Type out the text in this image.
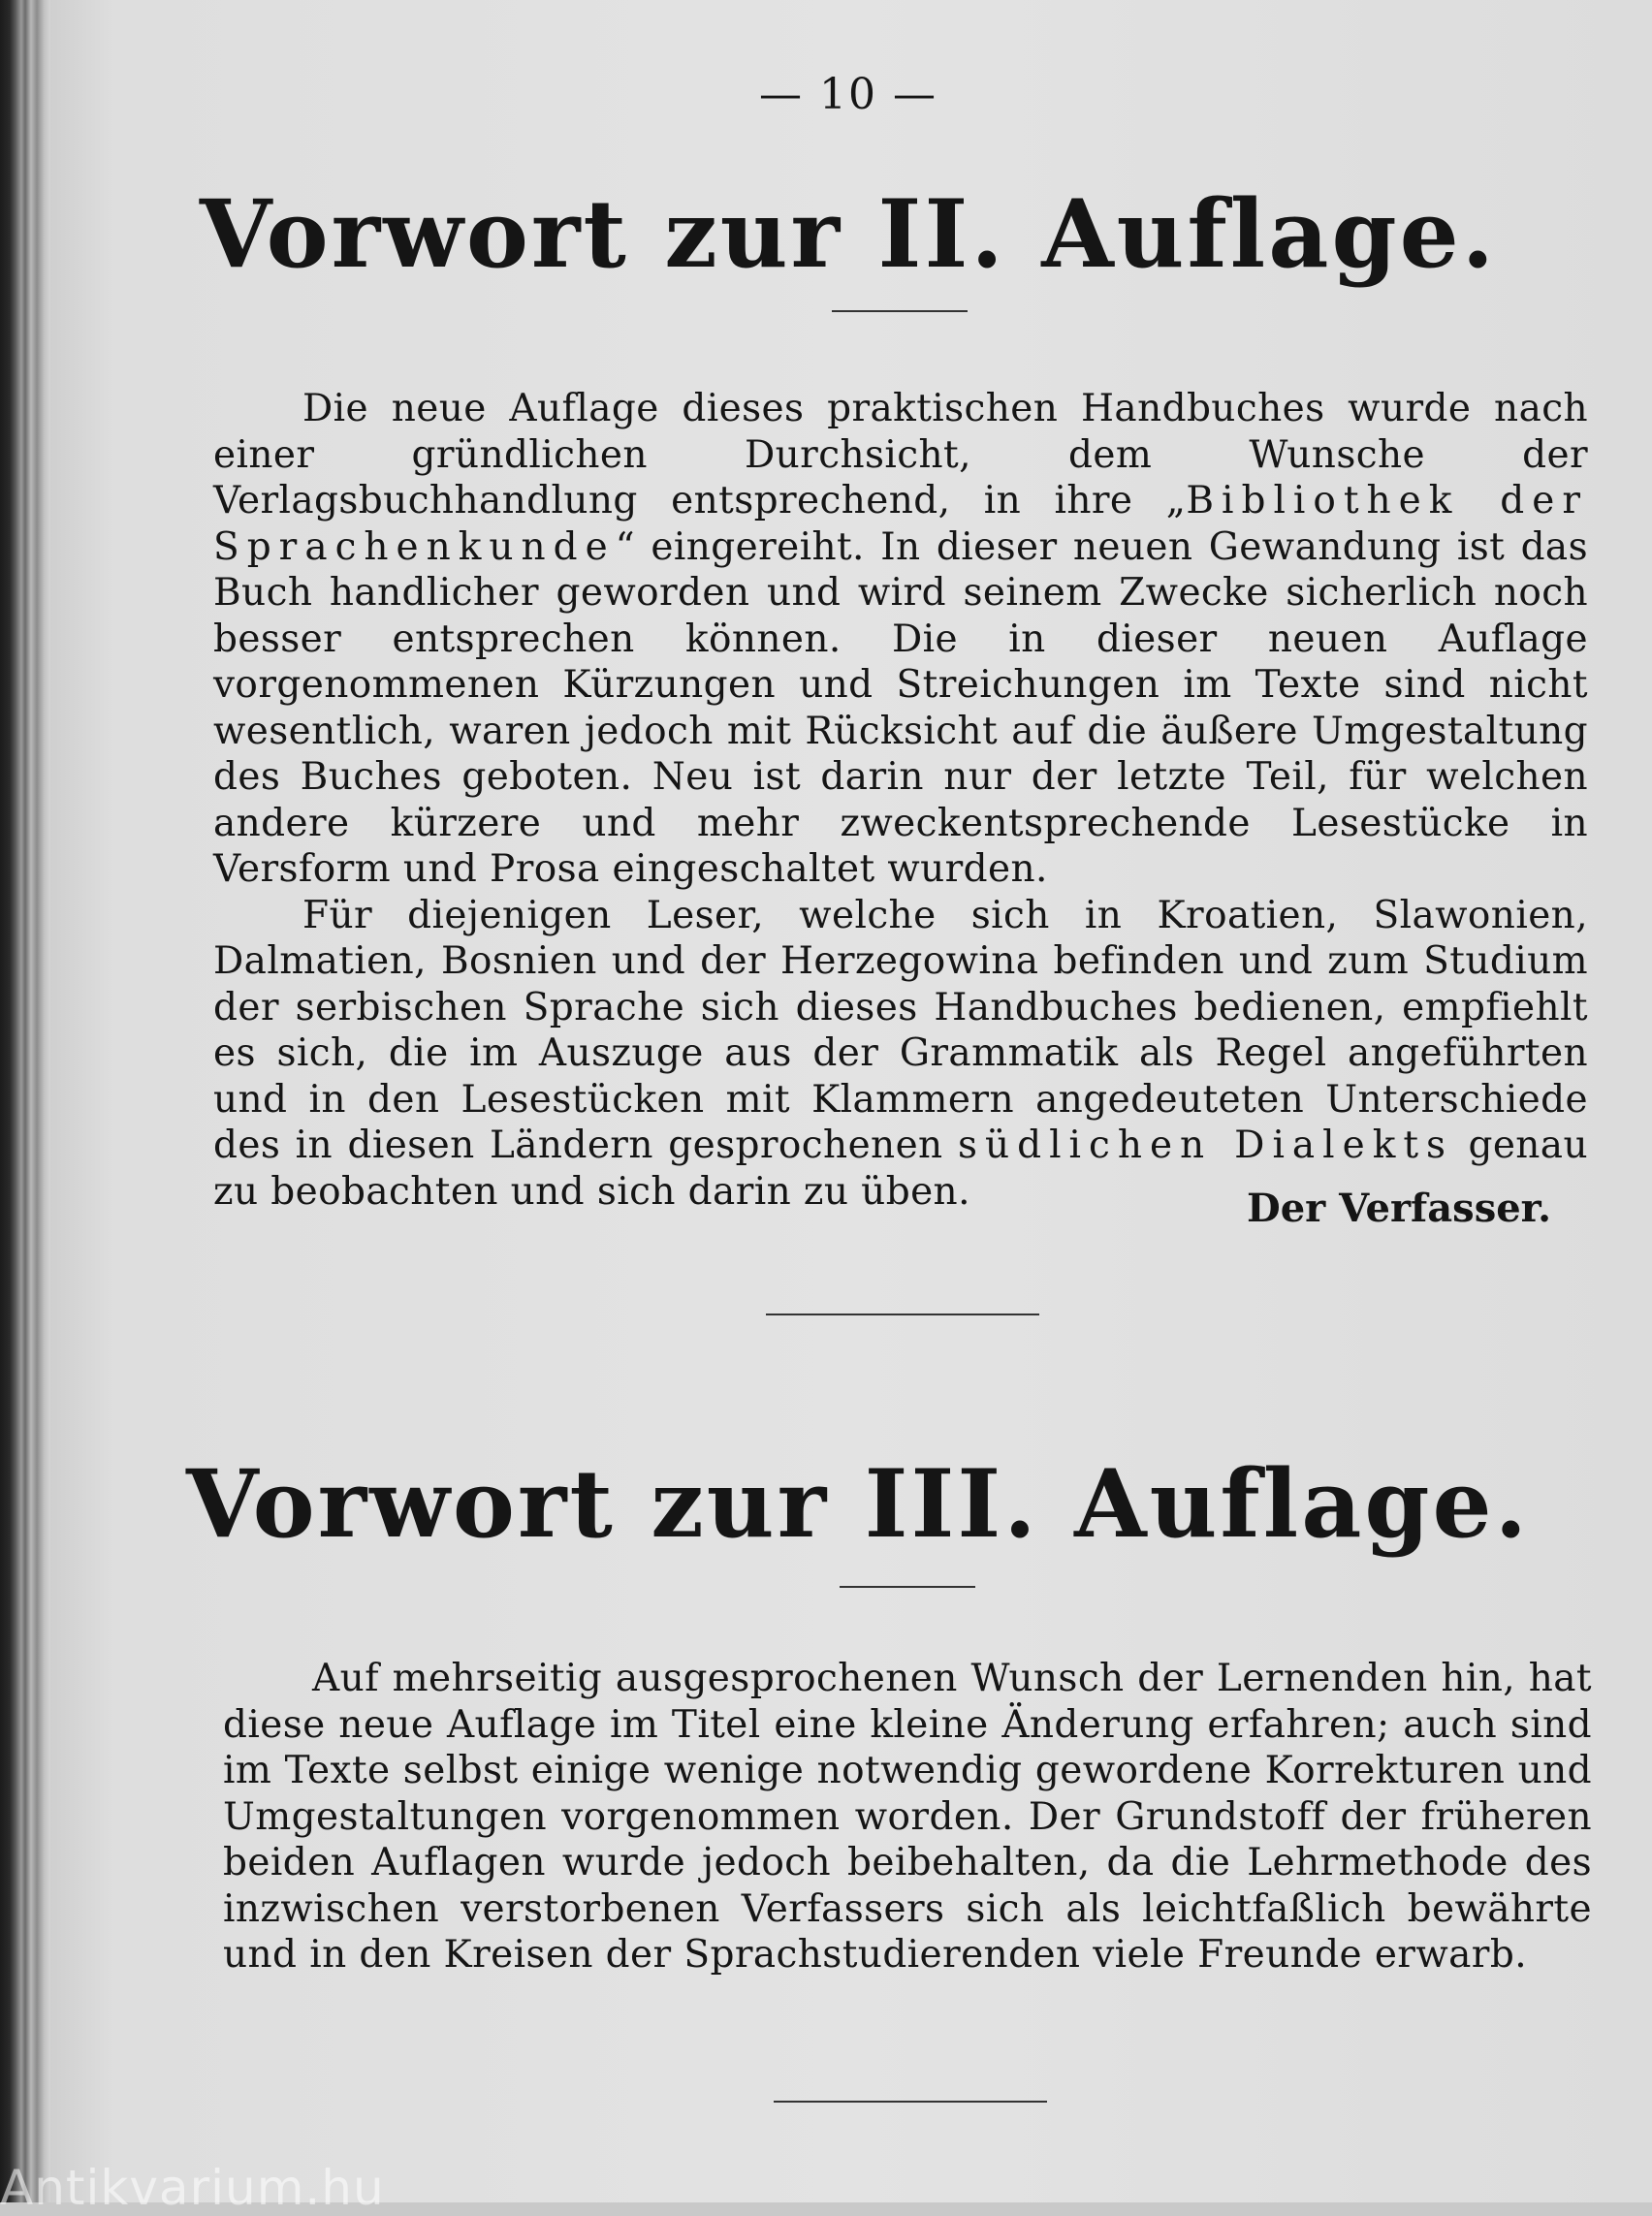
— 10 —
Vorwort zur II. Auflage.

Die neue Auflage dieses praktischen Handbuches wurde nach einer gründlichen Durchsicht, dem Wunsche der Verlagsbuchhandlung entsprechend, in ihre „Bibliothek der Sprachenkunde“ eingereiht. In dieser neuen Gewandung ist das Buch handlicher geworden und wird seinem Zwecke sicherlich noch besser entsprechen können. Die in dieser neuen Auflage vorgenommenen Kürzungen und Streichungen im Texte sind nicht wesentlich, waren jedoch mit Rücksicht auf die äußere Umgestaltung des Buches geboten. Neu ist darin nur der letzte Teil, für welchen andere kürzere und mehr zweckentsprechende Lesestücke in Versform und Prosa eingeschaltet wurden.

Für diejenigen Leser, welche sich in Kroatien, Slawonien, Dalmatien, Bosnien und der Herzegowina befinden und zum Studium der serbischen Sprache sich dieses Handbuches bedienen, empfiehlt es sich, die im Auszuge aus der Grammatik als Regel angeführten und in den Lesestücken mit Klammern angedeuteten Unterschiede des in diesen Ländern gesprochenen südlichen Dialekts genau zu beobachten und sich darin zu üben.	Der Verfasser.
Vorwort zur III. Auflage.

Auf mehrseitig ausgesprochenen Wunsch der Lernenden hin, hat diese neue Auflage im Titel eine kleine Änderung erfahren; auch sind im Texte selbst einige wenige notwendig gewordene Korrekturen und Umgestaltungen vorgenommen worden. Der Grundstoff der früheren beiden Auflagen wurde jedoch beibehalten, da die Lehrmethode des inzwischen verstorbenen Verfassers sich als leichtfaßlich bewährte und in den Kreisen der Sprachstudierenden viele Freunde erwarb.

Antikvarium.hu
